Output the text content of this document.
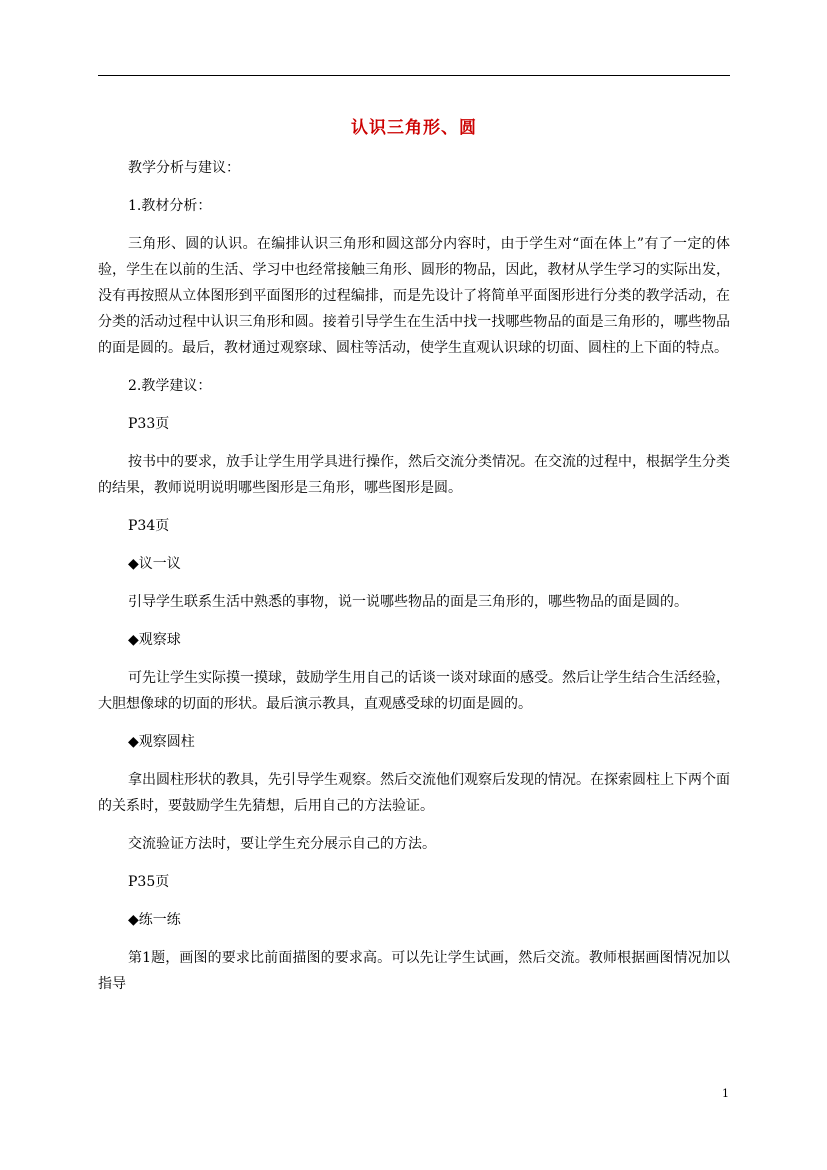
认识三角形、圆

教学分析与建议：

1.教材分析：

三角形、圆的认识。在编排认识三角形和圆这部分内容时，由于学生对“面在体上”有了一定的体验，学生在以前的生活、学习中也经常接触三角形、圆形的物品，因此，教材从学生学习的实际出发，没有再按照从立体图形到平面图形的过程编排，而是先设计了将简单平面图形进行分类的教学活动，在分类的活动过程中认识三角形和圆。接着引导学生在生活中找一找哪些物品的面是三角形的，哪些物品的面是圆的。最后，教材通过观察球、圆柱等活动，使学生直观认识球的切面、圆柱的上下面的特点。

2.教学建议：

P33页

按书中的要求，放手让学生用学具进行操作，然后交流分类情况。在交流的过程中，根据学生分类的结果，教师说明说明哪些图形是三角形，哪些图形是圆。

P34页

◆议一议

引导学生联系生活中熟悉的事物，说一说哪些物品的面是三角形的，哪些物品的面是圆的。

◆观察球

可先让学生实际摸一摸球，鼓励学生用自己的话谈一谈对球面的感受。然后让学生结合生活经验，大胆想像球的切面的形状。最后演示教具，直观感受球的切面是圆的。

◆观察圆柱

拿出圆柱形状的教具，先引导学生观察。然后交流他们观察后发现的情况。在探索圆柱上下两个面的关系时，要鼓励学生先猜想，后用自己的方法验证。

交流验证方法时，要让学生充分展示自己的方法。

P35页

◆练一练

第1题，画图的要求比前面描图的要求高。可以先让学生试画，然后交流。教师根据画图情况加以指导

1
